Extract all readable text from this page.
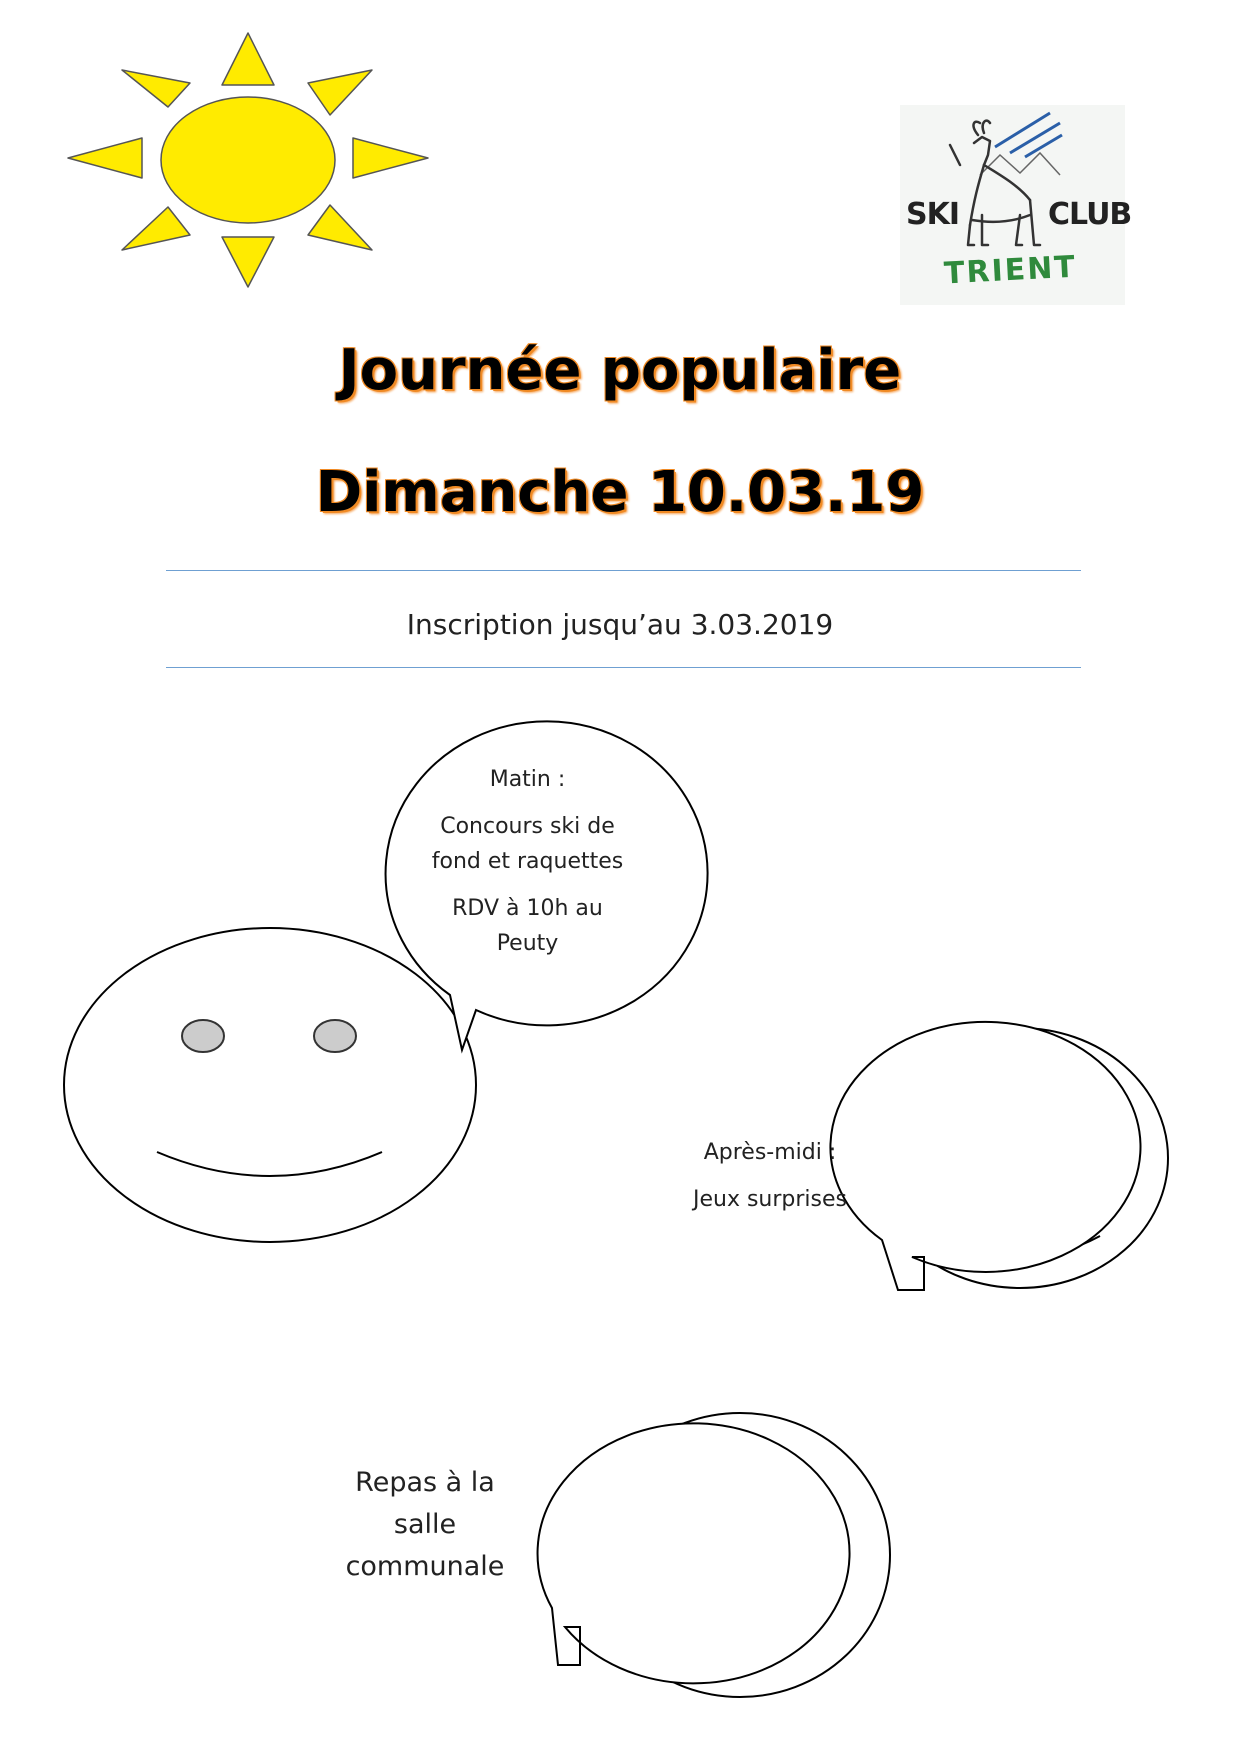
SKI	CLUB
TRIENT
Journée populaire
Dimanche 10.03.19
Inscription jusqu’au 3.03.2019

Matin :

Concours ski de

fond et raquettes

RDV à 10h au

Peuty

Après-midi :

Jeux surprises

Repas à la

salle

communale
